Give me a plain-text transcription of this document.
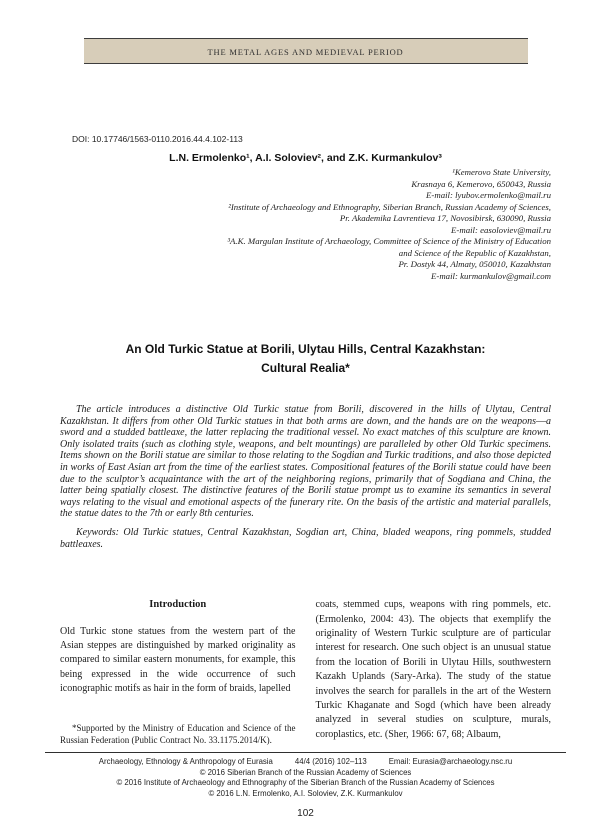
THE METAL AGES AND MEDIEVAL PERIOD
DOI: 10.17746/1563-0110.2016.44.4.102-113
L.N. Ermolenko¹, A.I. Soloviev², and Z.K. Kurmankulov³
¹Kemerovo State University,
Krasnaya 6, Kemerovo, 650043, Russia
E-mail: lyubov.ermolenko@mail.ru
²Institute of Archaeology and Ethnography, Siberian Branch, Russian Academy of Sciences,
Pr. Akademika Lavrentieva 17, Novosibirsk, 630090, Russia
E-mail: easoloviev@mail.ru
³A.K. Margulan Institute of Archaeology, Committee of Science of the Ministry of Education
and Science of the Republic of Kazakhstan,
Pr. Dostyk 44, Almaty, 050010, Kazakhstan
E-mail: kurmankulov@gmail.com
An Old Turkic Statue at Borili, Ulytau Hills, Central Kazakhstan:
Cultural Realia*
The article introduces a distinctive Old Turkic statue from Borili, discovered in the hills of Ulytau, Central Kazakhstan. It differs from other Old Turkic statues in that both arms are down, and the hands are on the weapons––a sword and a studded battleaxe, the latter replacing the traditional vessel. No exact matches of this sculpture are known. Only isolated traits (such as clothing style, weapons, and belt mountings) are paralleled by other Old Turkic specimens. Items shown on the Borili statue are similar to those relating to the Sogdian and Turkic traditions, and also those depicted in works of East Asian art from the time of the earliest states. Compositional features of the Borili statue could have been due to the sculptor’s acquaintance with the art of the neighboring regions, primarily that of Sogdiana and China, the latter being spatially closest. The distinctive features of the Borili statue prompt us to examine its semantics in several ways relating to the visual and emotional aspects of the funerary rite. On the basis of the artistic and material parallels, the statue dates to the 7th or early 8th centuries.
Keywords: Old Turkic statues, Central Kazakhstan, Sogdian art, China, bladed weapons, ring pommels, studded battleaxes.
Introduction
Old Turkic stone statues from the western part of the Asian steppes are distinguished by marked originality as compared to similar eastern monuments, for example, this being expressed in the wide occurrence of such iconographic motifs as hair in the form of braids, lapelled
*Supported by the Ministry of Education and Science of the Russian Federation (Public Contract No. 33.1175.2014/K).
coats, stemmed cups, weapons with ring pommels, etc. (Ermolenko, 2004: 43). The objects that exemplify the originality of Western Turkic sculpture are of particular interest for research. One such object is an unusual statue from the location of Borili in Ulytau Hills, southwestern Kazakh Uplands (Sary-Arka). The study of the statue involves the search for parallels in the art of the Western Turkic Khaganate and Sogd (which have been already analyzed in several studies on sculpture, murals, coroplastics, etc. (Sher, 1966: 67, 68; Albaum,
Archaeology, Ethnology & Anthropology of Eurasia	44/4 (2016) 102–113	Email: Eurasia@archaeology.nsc.ru
© 2016 Siberian Branch of the Russian Academy of Sciences
© 2016 Institute of Archaeology and Ethnography of the Siberian Branch of the Russian Academy of Sciences
© 2016 L.N. Ermolenko, A.I. Soloviev, Z.K. Kurmankulov
102
